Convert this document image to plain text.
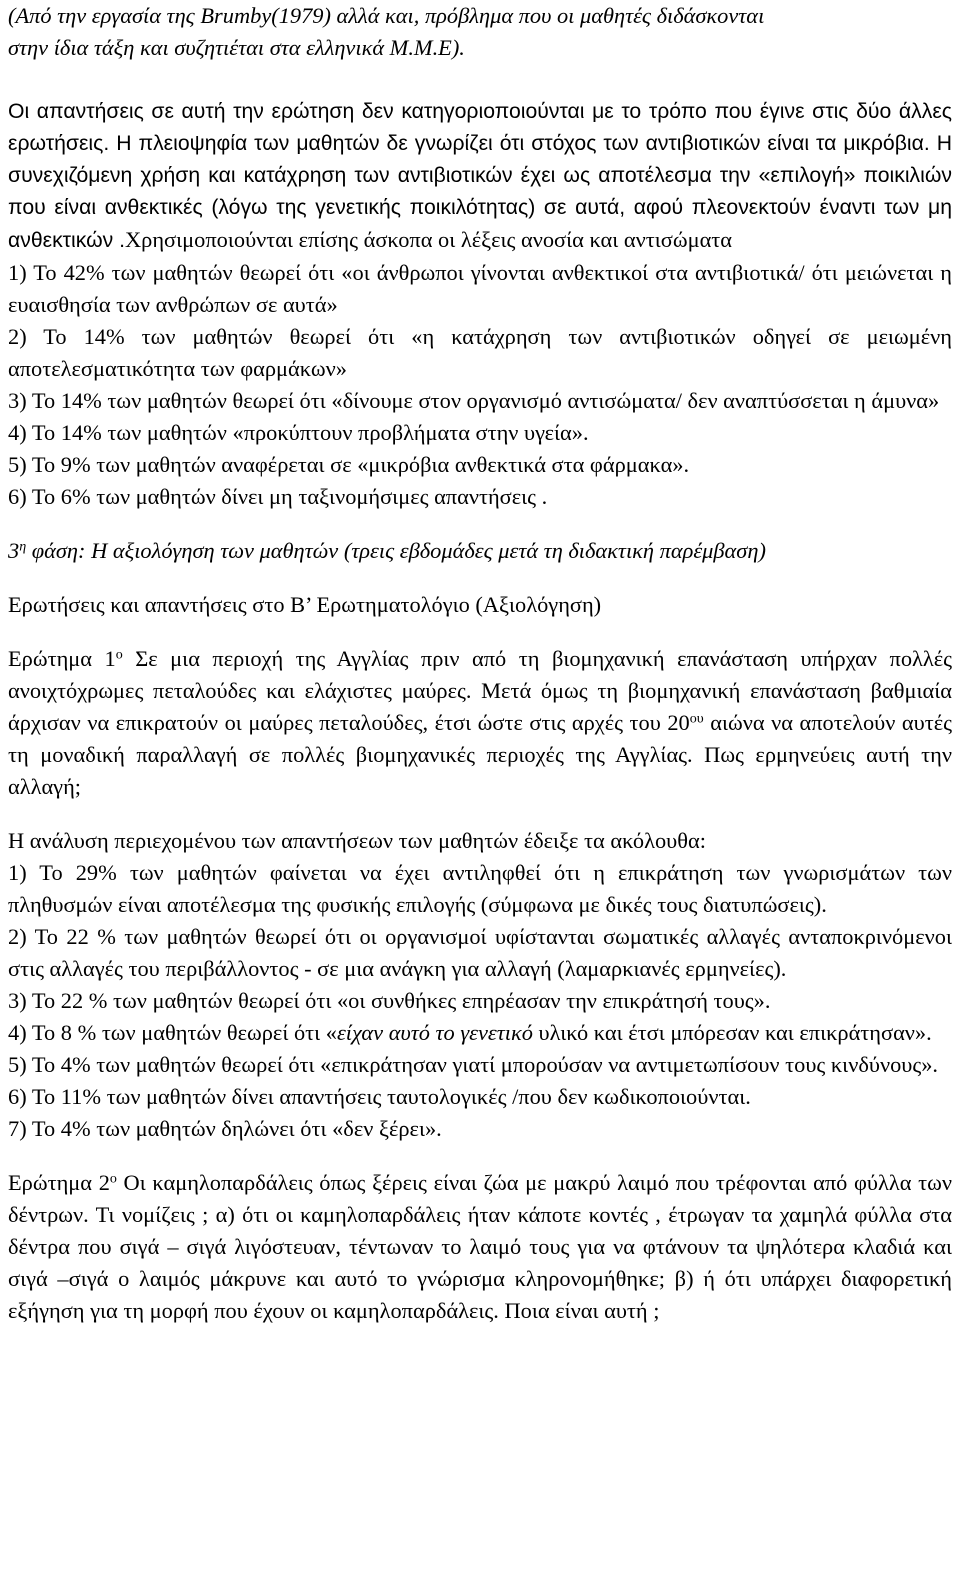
(Από την εργασία της Brumby(1979) αλλά και, πρόβλημα που οι μαθητές διδάσκονται
στην ίδια τάξη και συζητιέται στα ελληνικά Μ.Μ.Ε).
Οι απαντήσεις σε αυτή την ερώτηση δεν κατηγοριοποιούνται με το τρόπο που έγινε στις δύο άλλες ερωτήσεις. Η πλειοψηφία των μαθητών δε γνωρίζει ότι στόχος των αντιβιοτικών είναι τα μικρόβια. Η συνεχιζόμενη χρήση και κατάχρηση των αντιβιοτικών έχει ως αποτέλεσμα την «επιλογή» ποικιλιών που είναι ανθεκτικές (λόγω της γενετικής ποικιλότητας) σε αυτά, αφού πλεονεκτούν έναντι των μη ανθεκτικών .Χρησιμοποιούνται επίσης άσκοπα οι λέξεις ανοσία και αντισώματα
1) Το 42% των μαθητών θεωρεί ότι «οι άνθρωποι γίνονται ανθεκτικοί στα αντιβιοτικά/ ότι μειώνεται η ευαισθησία των ανθρώπων σε αυτά»
2) Το 14% των μαθητών θεωρεί ότι «η κατάχρηση των αντιβιοτικών οδηγεί σε μειωμένη αποτελεσματικότητα των φαρμάκων»
3) Το 14% των μαθητών θεωρεί ότι «δίνουμε στον οργανισμό αντισώματα/ δεν αναπτύσσεται η άμυνα»
4) Το 14% των μαθητών «προκύπτουν προβλήματα στην υγεία».
5) Το 9% των μαθητών αναφέρεται σε «μικρόβια ανθεκτικά στα φάρμακα».
6) Το 6% των μαθητών δίνει μη ταξινομήσιμες απαντήσεις .
$3^\eta$ φάση: Η αξιολόγηση των μαθητών (τρεις εβδομάδες μετά τη διδακτική παρέμβαση)
Ερωτήσεις και απαντήσεις στο Β’ Ερωτηματολόγιο (Αξιολόγηση)
Ερώτημα $1^o$ Σε μια περιοχή της Αγγλίας πριν από τη βιομηχανική επανάσταση υπήρχαν πολλές ανοιχτόχρωμες πεταλούδες και ελάχιστες μαύρες. Μετά όμως τη βιομηχανική επανάσταση βαθμιαία άρχισαν να επικρατούν οι μαύρες πεταλούδες, έτσι ώστε στις αρχές του $20^{o\upsilon}$ αιώνα να αποτελούν αυτές τη μοναδική παραλλαγή σε πολλές βιομηχανικές περιοχές της Αγγλίας. Πως ερμηνεύεις αυτή την αλλαγή;
Η ανάλυση περιεχομένου των απαντήσεων των μαθητών έδειξε τα ακόλουθα:
1) Το 29% των μαθητών φαίνεται να έχει αντιληφθεί ότι η επικράτηση των γνωρισμάτων των πληθυσμών είναι αποτέλεσμα της φυσικής επιλογής (σύμφωνα με δικές τους διατυπώσεις).
2) Το 22 % των μαθητών θεωρεί ότι οι οργανισμοί υφίστανται σωματικές αλλαγές ανταποκρινόμενοι στις αλλαγές του περιβάλλοντος - σε μια ανάγκη για αλλαγή (λαμαρκιανές ερμηνείες).
3) Το 22 % των μαθητών θεωρεί ότι «οι συνθήκες επηρέασαν την επικράτησή τους».
4) Το 8 % των μαθητών θεωρεί ότι «είχαν αυτό το γενετικό υλικό και έτσι μπόρεσαν και επικράτησαν».
5) Το 4% των μαθητών θεωρεί ότι «επικράτησαν γιατί μπορούσαν να αντιμετωπίσουν τους κινδύνους».
6) Το 11% των μαθητών δίνει απαντήσεις ταυτολογικές /που δεν κωδικοποιούνται.
7) Το 4% των μαθητών δηλώνει ότι «δεν ξέρει».
Ερώτημα $2^o$ Οι καμηλοπαρδάλεις όπως ξέρεις είναι ζώα με μακρύ λαιμό που τρέφονται από φύλλα των δέντρων. Τι νομίζεις ; α) ότι οι καμηλοπαρδάλεις ήταν κάποτε κοντές , έτρωγαν τα χαμηλά φύλλα στα δέντρα που σιγά – σιγά λιγόστευαν, τέντωναν το λαιμό τους για να φτάνουν τα ψηλότερα κλαδιά και σιγά –σιγά ο λαιμός μάκρυνε και αυτό το γνώρισμα κληρονομήθηκε; β) ή ότι υπάρχει διαφορετική εξήγηση για τη μορφή που έχουν οι καμηλοπαρδάλεις. Ποια είναι αυτή ;
